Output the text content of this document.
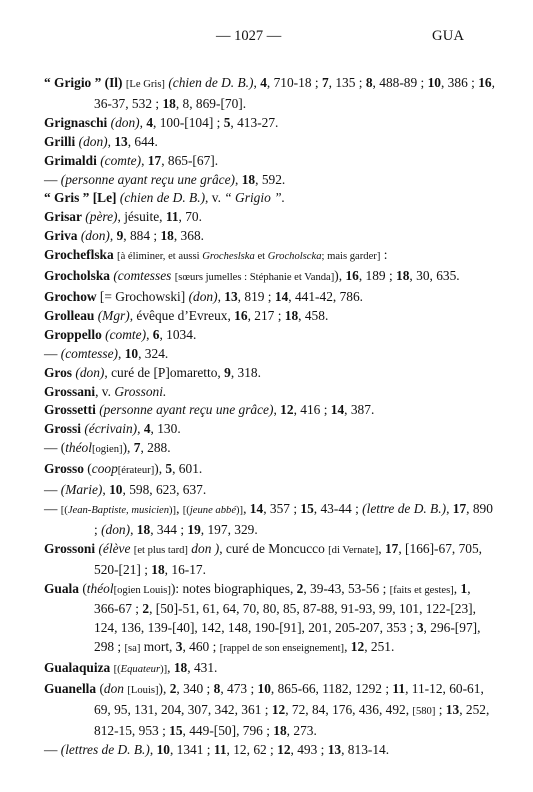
— 1027 —	GUA
“ Grigio ” (Il) [Le Gris] (chien de D. B.), 4, 710-18 ; 7, 135 ; 8, 488-89 ; 10, 386 ; 16, 36-37, 532 ; 18, 8, 869-[70].
Grignaschi (don), 4, 100-[104] ; 5, 413-27.
Grilli (don), 13, 644.
Grimaldi (comte), 17, 865-[67].
— (personne ayant reçu une grâce), 18, 592.
“ Gris ” [Le] (chien de D. B.), v. “ Grigio ”.
Grisar (père), jésuite, 11, 70.
Griva (don), 9, 884 ; 18, 368.
Grocheflska [à éliminer, et aussi Grocheslska et Grocholscka; mais garder] :
Grocholska (comtesses [sœurs jumelles : Stéphanie et Vanda]), 16, 189 ; 18, 30, 635.
Grochow [= Grochowski] (don), 13, 819 ; 14, 441-42, 786.
Grolleau (Mgr), évêque d’Evreux, 16, 217 ; 18, 458.
Groppello (comte), 6, 1034.
— (comtesse), 10, 324.
Gros (don), curé de [P]omaretto, 9, 318.
Grossani, v. Grossoni.
Grossetti (personne ayant reçu une grâce), 12, 416 ; 14, 387.
Grossi (écrivain), 4, 130.
— (théol[ogien]), 7, 288.
Grosso (coop[érateur]), 5, 601.
— (Marie), 10, 598, 623, 637.
— [(Jean-Baptiste, musicien)], [(jeune abbé)], 14, 357 ; 15, 43-44 ; (lettre de D. B.), 17, 890 ; (don), 18, 344 ; 19, 197, 329.
Grossoni (élève [et plus tard] don ), curé de Moncucco [di Vernate], 17, [166]-67, 705, 520-[21] ; 18, 16-17.
Guala (théol[ogien Louis]): notes biographiques, 2, 39-43, 53-56 ; [faits et gestes], 1, 366-67 ; 2, [50]-51, 61, 64, 70, 80, 85, 87-88, 91-93, 99, 101, 122-[23], 124, 136, 139-[40], 142, 148, 190-[91], 201, 205-207, 353 ; 3, 296-[97], 298 ; [sa] mort, 3, 460 ; [rappel de son enseignement], 12, 251.
Gualaquiza [(Equateur)], 18, 431.
Guanella (don [Louis]), 2, 340 ; 8, 473 ; 10, 865-66, 1182, 1292 ; 11, 11-12, 60-61, 69, 95, 131, 204, 307, 342, 361 ; 12, 72, 84, 176, 436, 492, [580] ; 13, 252, 812-15, 953 ; 15, 449-[50], 796 ; 18, 273.
— (lettres de D. B.), 10, 1341 ; 11, 12, 62 ; 12, 493 ; 13, 813-14.
